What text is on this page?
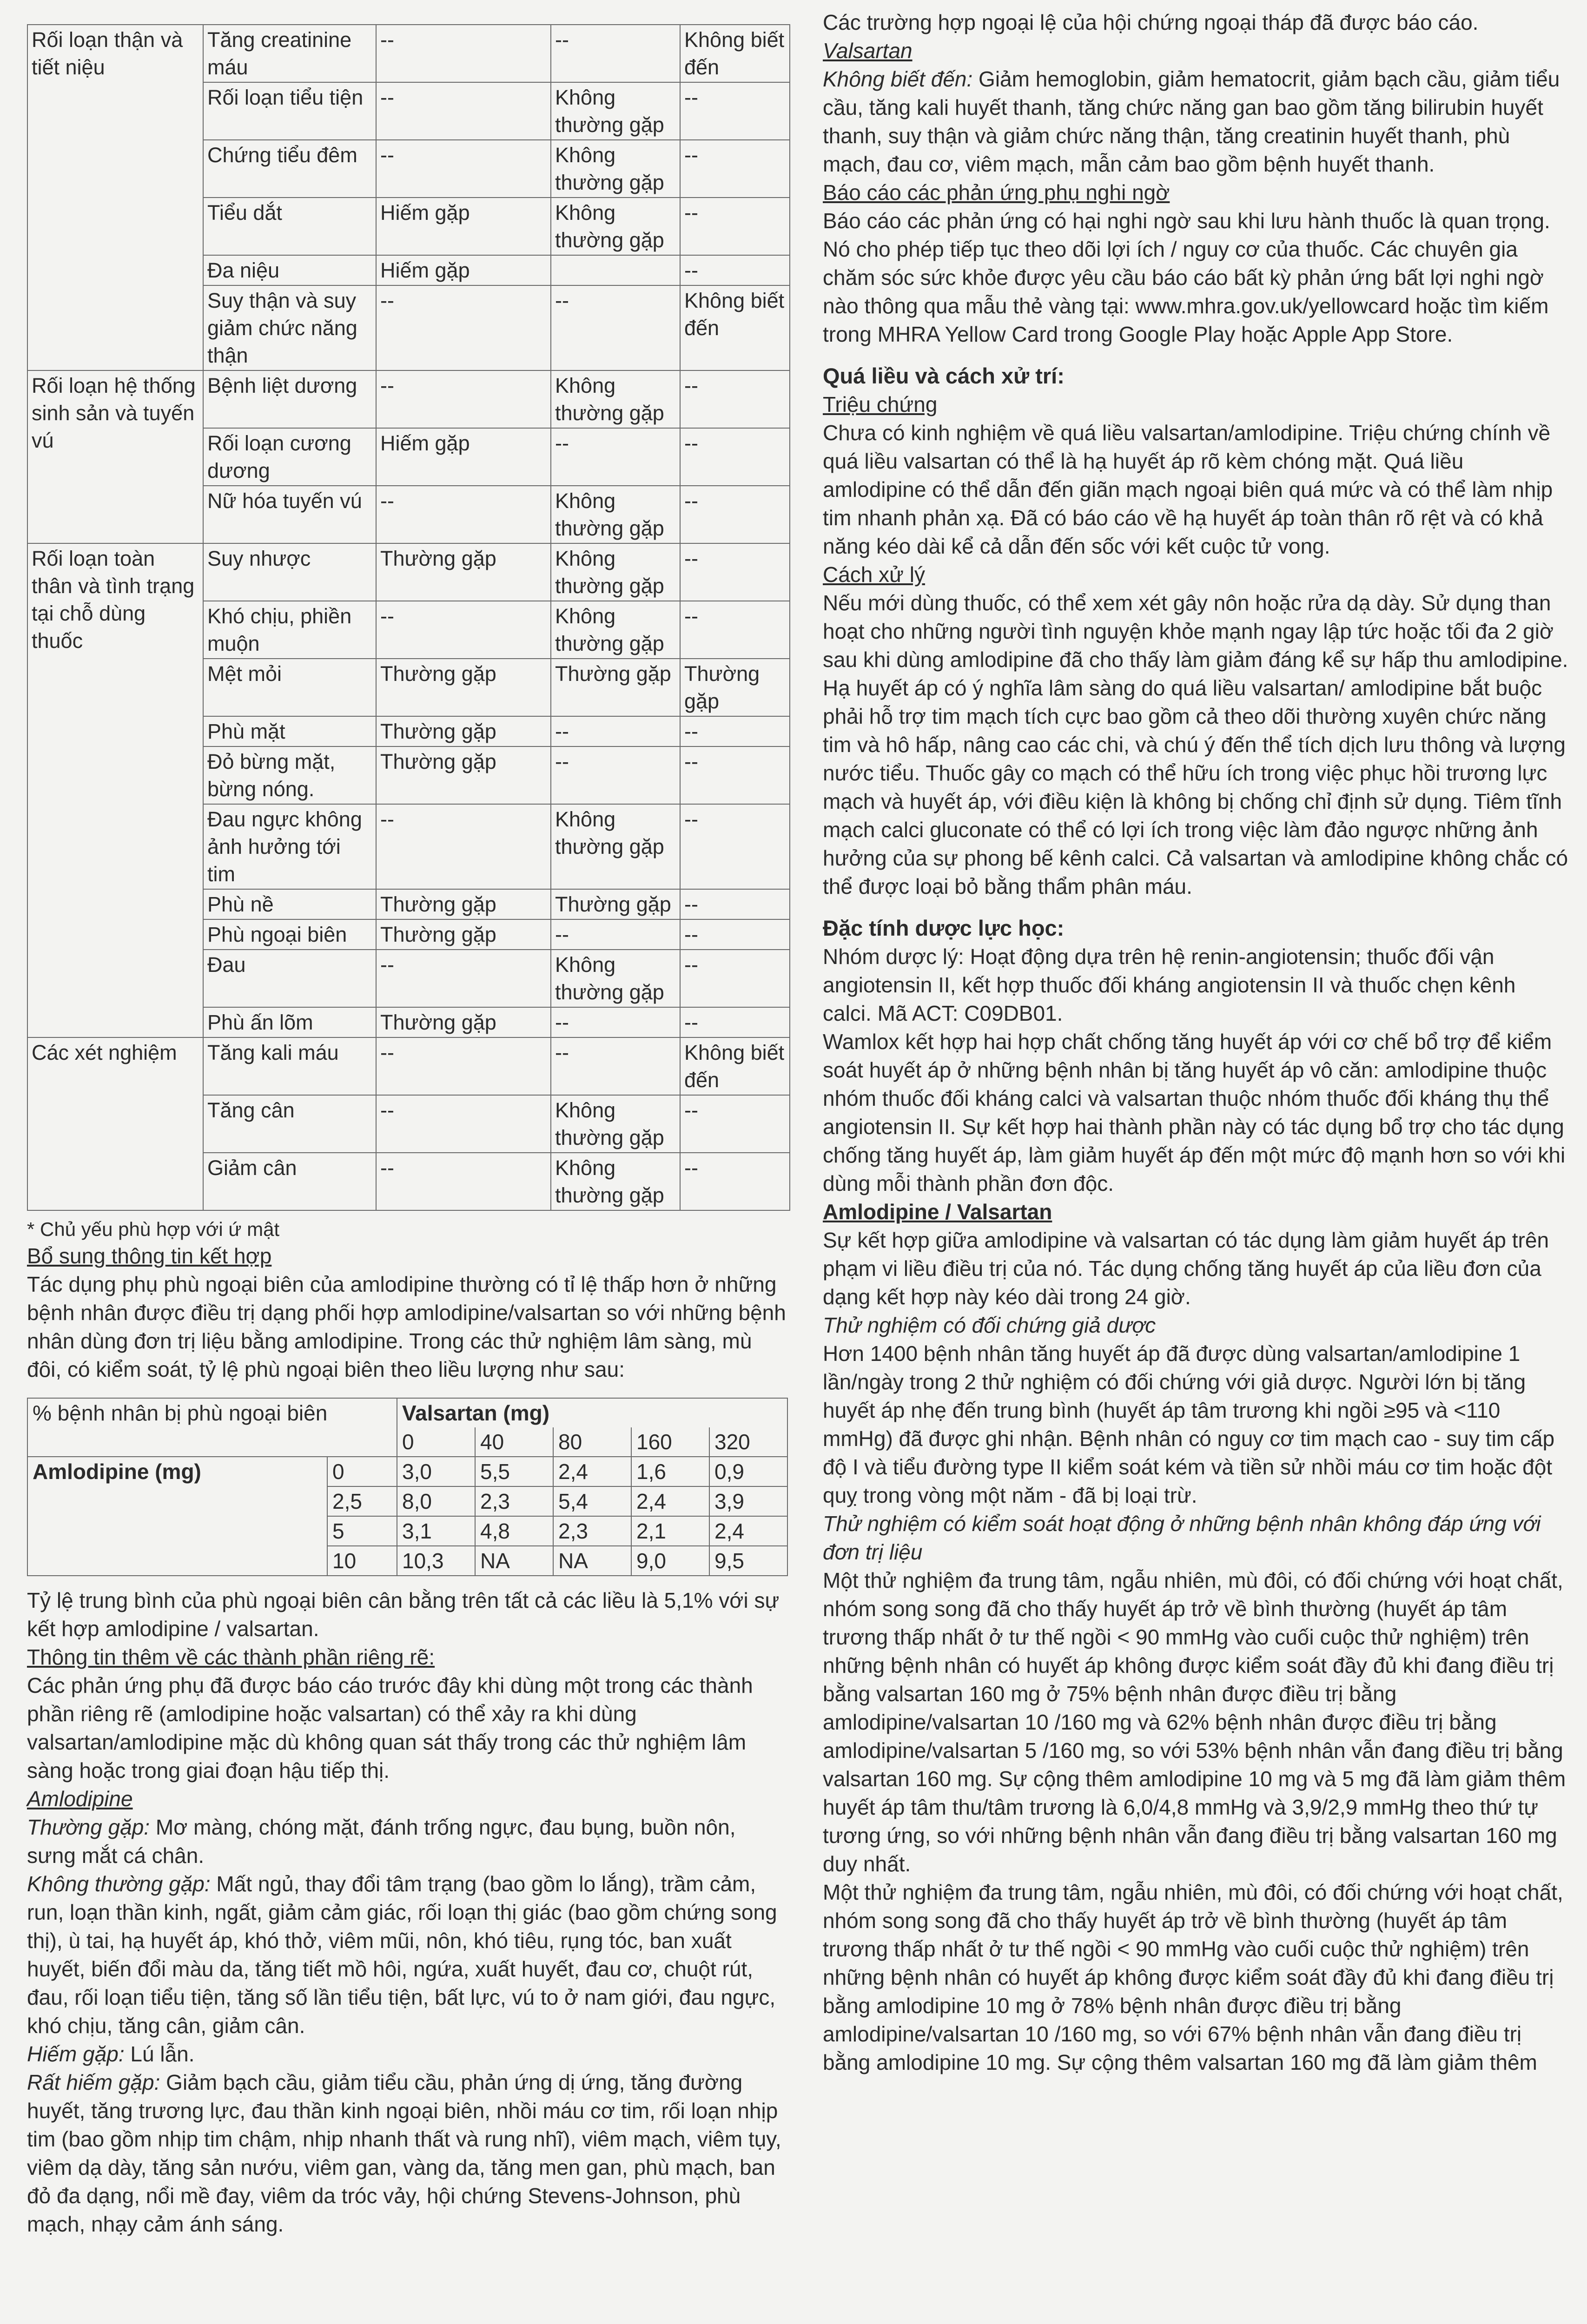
Rối loạn thận và tiết niệu	Tăng creatinine máu	--		--	Không biết đến
	Rối loạn tiểu tiện	--		Không thường gặp	--
	Chứng tiểu đêm	--		Không thường gặp	--
	Tiểu dắt	Hiếm gặp		Không thường gặp	--
	Đa niệu	Hiếm gặp			--
	Suy thận và suy giảm chức năng thận	--		--	Không biết đến
Rối loạn hệ thống sinh sản và tuyến vú	Bệnh liệt dương	--		Không thường gặp	--
	Rối loạn cương dương	Hiếm gặp		--	--
	Nữ hóa tuyến vú	--		Không thường gặp	--
Rối loạn toàn thân và tình trạng tại chỗ dùng thuốc	Suy nhược	Thường gặp		Không thường gặp	--
	Khó chịu, phiền muộn	--		Không thường gặp	--
	Mệt mỏi	Thường gặp		Thường gặp	Thường gặp
	Phù mặt	Thường gặp		--	--
	Đỏ bừng mặt, bừng nóng.	Thường gặp		--	--
	Đau ngực không ảnh hưởng tới tim	--		Không thường gặp	--
	Phù nề	Thường gặp		Thường gặp	--
	Phù ngoại biên	Thường gặp		--	--
	Đau	--		Không thường gặp	--
	Phù ấn lõm	Thường gặp		--	--
Các xét nghiệm	Tăng kali máu	--		--	Không biết đến
	Tăng cân	--		Không thường gặp	--
	Giảm cân	--		Không thường gặp	--

* Chủ yếu phù hợp với ứ mật

Bổ sung thông tin kết hợp

Tác dụng phụ phù ngoại biên của amlodipine thường có tỉ lệ thấp hơn ở những bệnh nhân được điều trị dạng phối hợp amlodipine/valsartan so với những bệnh nhân dùng đơn trị liệu bằng amlodipine. Trong các thử nghiệm lâm sàng, mù đôi, có kiểm soát, tỷ lệ phù ngoại biên theo liều lượng như sau:

% bệnh nhân bị phù ngoại biên		Valsartan (mg)				
		0	40	80	160	320
Amlodipine (mg)	0	3,0	5,5	2,4	1,6	0,9
	2,5	8,0	2,3	5,4	2,4	3,9
	5	3,1	4,8	2,3	2,1	2,4
	10	10,3	NA	NA	9,0	9,5

Tỷ lệ trung bình của phù ngoại biên cân bằng trên tất cả các liều là 5,1% với sự kết hợp amlodipine / valsartan.

Thông tin thêm về các thành phần riêng rẽ:

Các phản ứng phụ đã được báo cáo trước đây khi dùng một trong các thành phần riêng rẽ (amlodipine hoặc valsartan) có thể xảy ra khi dùng valsartan/amlodipine mặc dù không quan sát thấy trong các thử nghiệm lâm sàng hoặc trong giai đoạn hậu tiếp thị.

Amlodipine

Thường gặp: Mơ màng, chóng mặt, đánh trống ngực, đau bụng, buồn nôn, sưng mắt cá chân.

Không thường gặp: Mất ngủ, thay đổi tâm trạng (bao gồm lo lắng), trầm cảm, run, loạn thần kinh, ngất, giảm cảm giác, rối loạn thị giác (bao gồm chứng song thị), ù tai, hạ huyết áp, khó thở, viêm mũi, nôn, khó tiêu, rụng tóc, ban xuất huyết, biến đổi màu da, tăng tiết mồ hôi, ngứa, xuất huyết, đau cơ, chuột rút, đau, rối loạn tiểu tiện, tăng số lần tiểu tiện, bất lực, vú to ở nam giới, đau ngực, khó chịu, tăng cân, giảm cân.

Hiếm gặp: Lú lẫn.

Rất hiếm gặp: Giảm bạch cầu, giảm tiểu cầu, phản ứng dị ứng, tăng đường huyết, tăng trương lực, đau thần kinh ngoại biên, nhồi máu cơ tim, rối loạn nhịp tim (bao gồm nhịp tim chậm, nhịp nhanh thất và rung nhĩ), viêm mạch, viêm tụy, viêm dạ dày, tăng sản nướu, viêm gan, vàng da, tăng men gan, phù mạch, ban đỏ đa dạng, nổi mề đay, viêm da tróc vảy, hội chứng Stevens-Johnson, phù mạch, nhạy cảm ánh sáng.

Các trường hợp ngoại lệ của hội chứng ngoại tháp đã được báo cáo.

Valsartan

Không biết đến: Giảm hemoglobin, giảm hematocrit, giảm bạch cầu, giảm tiểu cầu, tăng kali huyết thanh, tăng chức năng gan bao gồm tăng bilirubin huyết thanh, suy thận và giảm chức năng thận, tăng creatinin huyết thanh, phù mạch, đau cơ, viêm mạch, mẫn cảm bao gồm bệnh huyết thanh.

Báo cáo các phản ứng phụ nghi ngờ

Báo cáo các phản ứng có hại nghi ngờ sau khi lưu hành thuốc là quan trọng. Nó cho phép tiếp tục theo dõi lợi ích / nguy cơ của thuốc. Các chuyên gia chăm sóc sức khỏe được yêu cầu báo cáo bất kỳ phản ứng bất lợi nghi ngờ nào thông qua mẫu thẻ vàng tại: www.mhra.gov.uk/yellowcard hoặc tìm kiếm trong MHRA Yellow Card trong Google Play hoặc Apple App Store.

Quá liều và cách xử trí:

Triệu chứng

Chưa có kinh nghiệm về quá liều valsartan/amlodipine. Triệu chứng chính về quá liều valsartan có thể là hạ huyết áp rõ kèm chóng mặt. Quá liều amlodipine có thể dẫn đến giãn mạch ngoại biên quá mức và có thể làm nhịp tim nhanh phản xạ. Đã có báo cáo về hạ huyết áp toàn thân rõ rệt và có khả năng kéo dài kể cả dẫn đến sốc với kết cuộc tử vong.

Cách xử lý

Nếu mới dùng thuốc, có thể xem xét gây nôn hoặc rửa dạ dày. Sử dụng than hoạt cho những người tình nguyện khỏe mạnh ngay lập tức hoặc tối đa 2 giờ sau khi dùng amlodipine đã cho thấy làm giảm đáng kể sự hấp thu amlodipine. Hạ huyết áp có ý nghĩa lâm sàng do quá liều valsartan/ amlodipine bắt buộc phải hỗ trợ tim mạch tích cực bao gồm cả theo dõi thường xuyên chức năng tim và hô hấp, nâng cao các chi, và chú ý đến thể tích dịch lưu thông và lượng nước tiểu. Thuốc gây co mạch có thể hữu ích trong việc phục hồi trương lực mạch và huyết áp, với điều kiện là không bị chống chỉ định sử dụng. Tiêm tĩnh mạch calci gluconate có thể có lợi ích trong việc làm đảo ngược những ảnh hưởng của sự phong bế kênh calci. Cả valsartan và amlodipine không chắc có thể được loại bỏ bằng thẩm phân máu.

Đặc tính dược lực học:

Nhóm dược lý: Hoạt động dựa trên hệ renin-angiotensin; thuốc đối vận angiotensin II, kết hợp thuốc đối kháng angiotensin II và thuốc chẹn kênh calci. Mã ACT: C09DB01.

Wamlox kết hợp hai hợp chất chống tăng huyết áp với cơ chế bổ trợ để kiểm soát huyết áp ở những bệnh nhân bị tăng huyết áp vô căn: amlodipine thuộc nhóm thuốc đối kháng calci và valsartan thuộc nhóm thuốc đối kháng thụ thể angiotensin II. Sự kết hợp hai thành phần này có tác dụng bổ trợ cho tác dụng chống tăng huyết áp, làm giảm huyết áp đến một mức độ mạnh hơn so với khi dùng mỗi thành phần đơn độc.

Amlodipine / Valsartan

Sự kết hợp giữa amlodipine và valsartan có tác dụng làm giảm huyết áp trên phạm vi liều điều trị của nó. Tác dụng chống tăng huyết áp của liều đơn của dạng kết hợp này kéo dài trong 24 giờ.

Thử nghiệm có đối chứng giả dược

Hơn 1400 bệnh nhân tăng huyết áp đã được dùng valsartan/amlodipine 1 lần/ngày trong 2 thử nghiệm có đối chứng với giả dược. Người lớn bị tăng huyết áp nhẹ đến trung bình (huyết áp tâm trương khi ngồi ≥95 và <110 mmHg) đã được ghi nhận. Bệnh nhân có nguy cơ tim mạch cao - suy tim cấp độ I và tiểu đường type II kiểm soát kém và tiền sử nhồi máu cơ tim hoặc đột quỵ trong vòng một năm - đã bị loại trừ.

Thử nghiệm có kiểm soát hoạt động ở những bệnh nhân không đáp ứng với đơn trị liệu

Một thử nghiệm đa trung tâm, ngẫu nhiên, mù đôi, có đối chứng với hoạt chất, nhóm song song đã cho thấy huyết áp trở về bình thường (huyết áp tâm trương thấp nhất ở tư thế ngồi < 90 mmHg vào cuối cuộc thử nghiệm) trên những bệnh nhân có huyết áp không được kiểm soát đầy đủ khi đang điều trị bằng valsartan 160 mg ở 75% bệnh nhân được điều trị bằng amlodipine/valsartan 10 /160 mg và 62% bệnh nhân được điều trị bằng amlodipine/valsartan 5 /160 mg, so với 53% bệnh nhân vẫn đang điều trị bằng valsartan 160 mg. Sự cộng thêm amlodipine 10 mg và 5 mg đã làm giảm thêm huyết áp tâm thu/tâm trương là 6,0/4,8 mmHg và 3,9/2,9 mmHg theo thứ tự tương ứng, so với những bệnh nhân vẫn đang điều trị bằng valsartan 160 mg duy nhất.

Một thử nghiệm đa trung tâm, ngẫu nhiên, mù đôi, có đối chứng với hoạt chất, nhóm song song đã cho thấy huyết áp trở về bình thường (huyết áp tâm trương thấp nhất ở tư thế ngồi < 90 mmHg vào cuối cuộc thử nghiệm) trên những bệnh nhân có huyết áp không được kiểm soát đầy đủ khi đang điều trị bằng amlodipine 10 mg ở 78% bệnh nhân được điều trị bằng amlodipine/valsartan 10 /160 mg, so với 67% bệnh nhân vẫn đang điều trị bằng amlodipine 10 mg. Sự cộng thêm valsartan 160 mg đã làm giảm thêm
